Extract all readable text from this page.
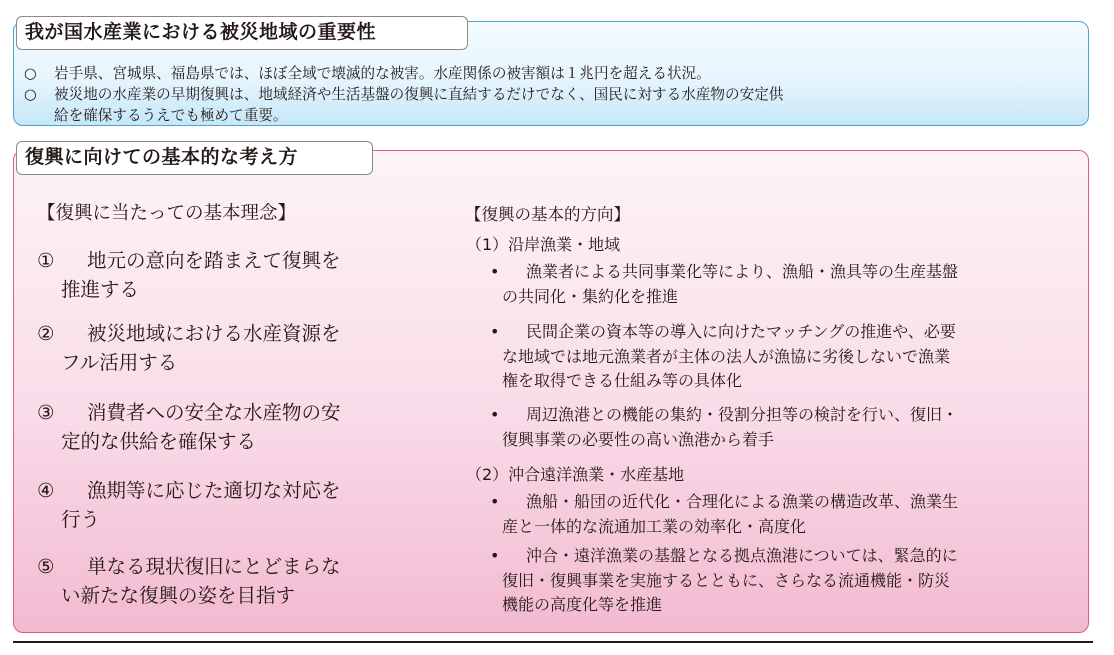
我が国水産業における被災地域の重要性
○ 岩手県、宮城県、福島県では、ほぼ全域で壊滅的な被害。水産関係の被害額は１兆円を超える状況。
○ 被災地の水産業の早期復興は、地域経済や生活基盤の復興に直結するだけでなく、国民に対する水産物の安定供
給を確保するうえでも極めて重要。
復興に向けての基本的な考え方
【復興に当たっての基本理念】
① 地元の意向を踏まえて復興を
推進する
② 被災地域における水産資源を
フル活用する
③ 消費者への安全な水産物の安
定的な供給を確保する
④ 漁期等に応じた適切な対応を
行う
⑤ 単なる現状復旧にとどまらな
い新たな復興の姿を目指す
【復興の基本的方向】
（1）沿岸漁業・地域
• 漁業者による共同事業化等により、漁船・漁具等の生産基盤
の共同化・集約化を推進
• 民間企業の資本等の導入に向けたマッチングの推進や、必要
な地域では地元漁業者が主体の法人が漁協に劣後しないで漁業
権を取得できる仕組み等の具体化
• 周辺漁港との機能の集約・役割分担等の検討を行い、復旧・
復興事業の必要性の高い漁港から着手
（2）沖合遠洋漁業・水産基地
• 漁船・船団の近代化・合理化による漁業の構造改革、漁業生
産と一体的な流通加工業の効率化・高度化
• 沖合・遠洋漁業の基盤となる拠点漁港については、緊急的に
復旧・復興事業を実施するとともに、さらなる流通機能・防災
機能の高度化等を推進
